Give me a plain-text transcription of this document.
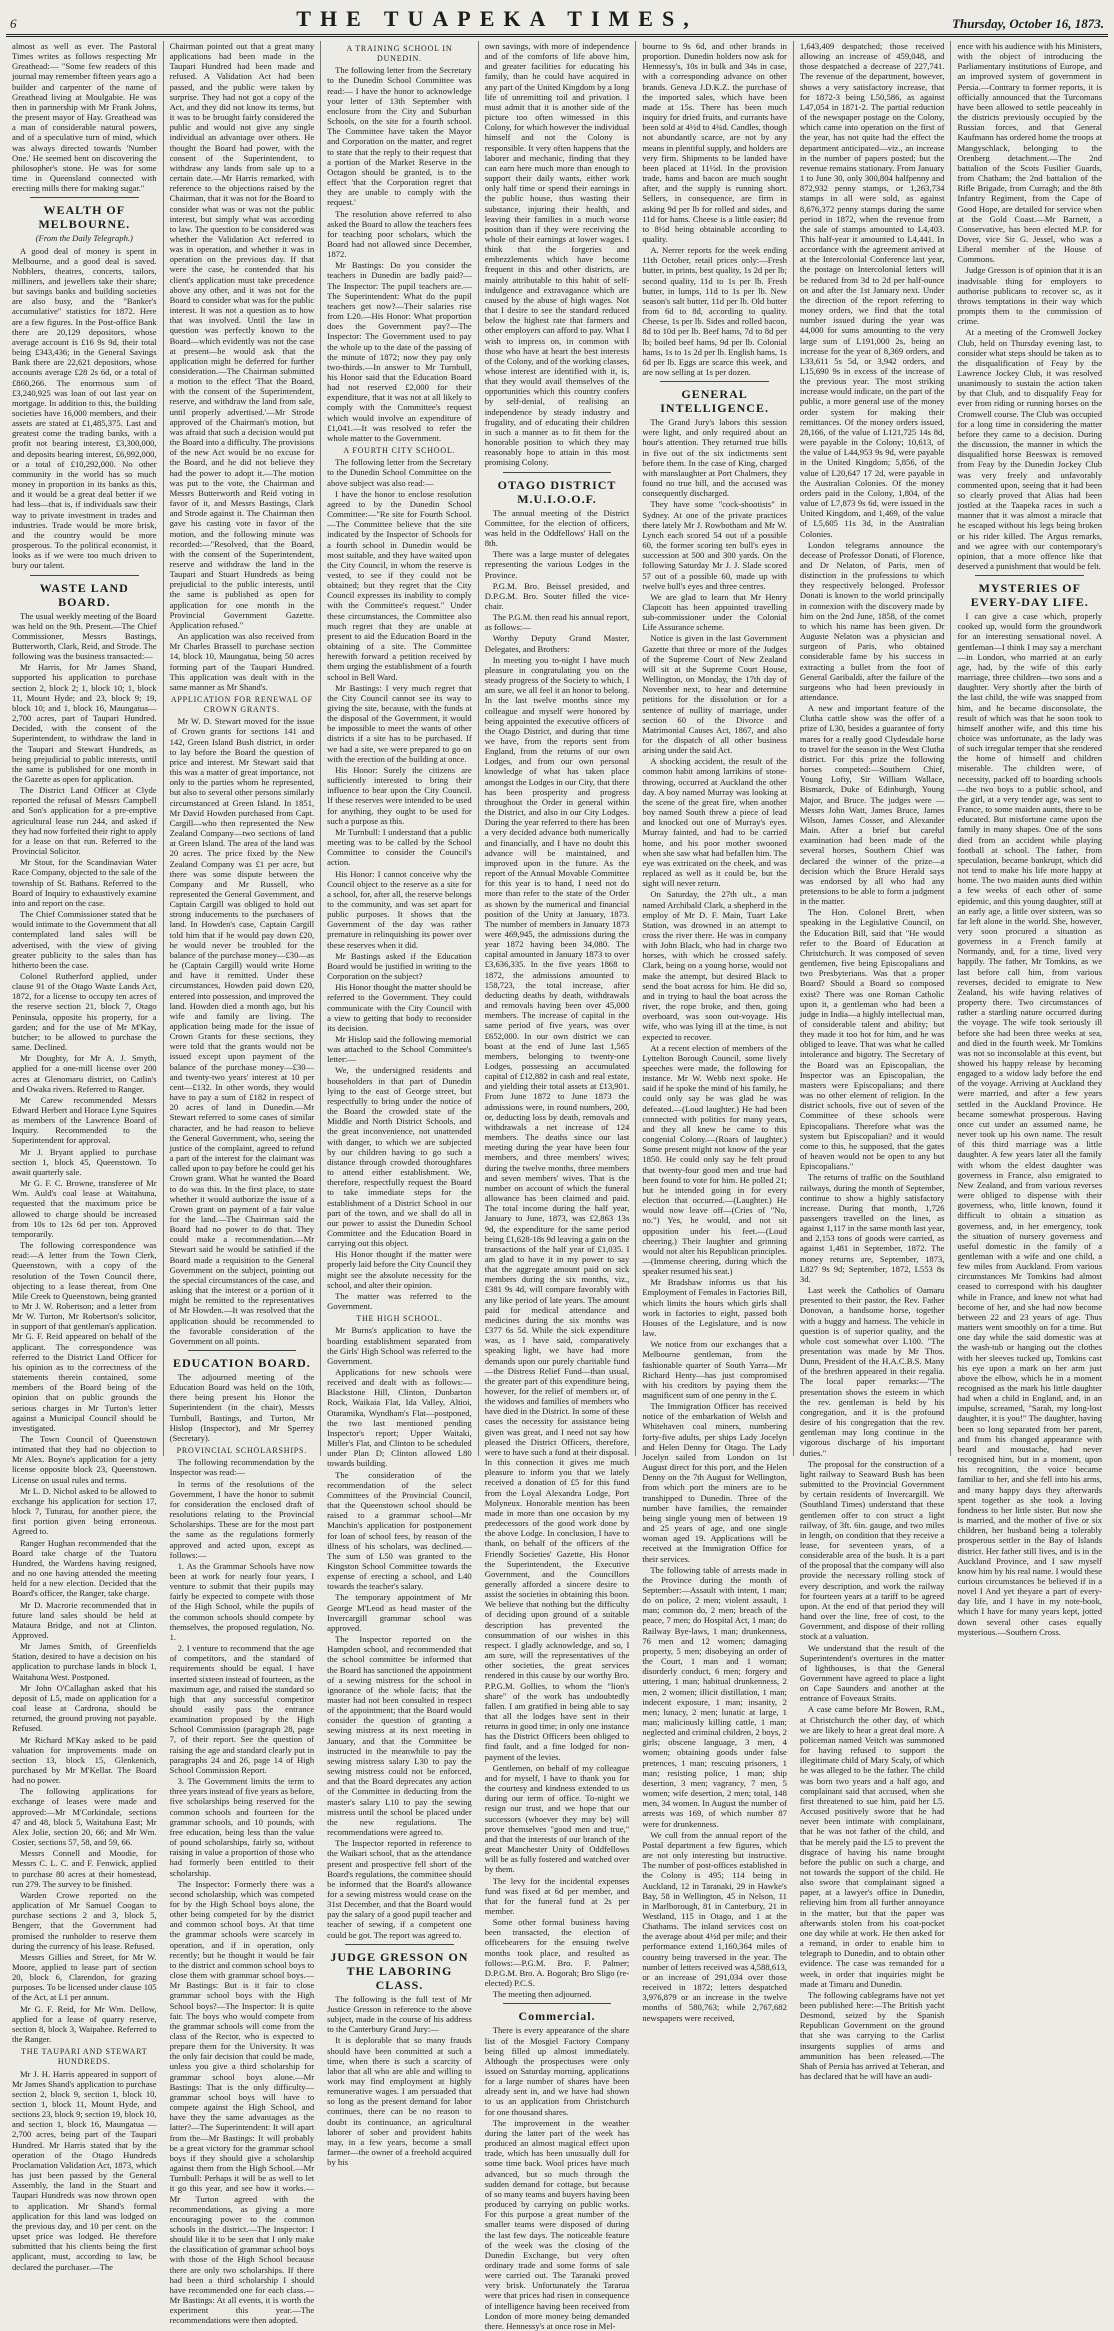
6	THE TUAPEKA TIMES,	Thursday, October 16, 1873.

almost as well as ever. The Pastoral Times writes as follows respecting Mr Greathead:— "Some few readers of this journal may remember fifteen years ago a builder and carpenter of the name of Greathead living at Moulgabie. He was then in partnership with Mr Frank Johns, the present mayor of Hay. Greathead was a man of considerable natural powers, and of a speculative turn of mind, which was always directed towards 'Number One.' He seemed bent on discovering the philosopher's stone. He was for some time in Queensland connected with erecting mills there for making sugar."

WEALTH OF MELBOURNE.
(From the Daily Telegraph.)

A good deal of money is spent in Melbourne, and a good deal is saved. Nobblers, theatres, concerts, tailors, milliners, and jewellers take their share; but savings banks and building societies are also busy, and the "Banker's accumulative" statistics for 1872. Here are a few figures. In the Post-office Bank there are 20,129 depositors, whose average account is £16 9s 9d, their total being £343,436; in the General Savings Bank there are 22,621 depositors, whose accounts average £28 2s 6d, or a total of £860,266. The enormous sum of £3,240,925 was loan of out last year on mortgage. In addition to this, the building societies have 16,000 members, and their assets are stated at £1,485,375. Last and greatest come the trading banks, with a profit not bearing interest, £3,300,000, and deposits bearing interest, £6,992,000, or a total of £10,292,000. No other community in the world has so much money in proportion in its banks as this, and it would be a great deal better if we had less—that is, if individuals saw their way to private investment in trades and industries. Trade would be more brisk, and the country would be more prosperous. To the political economist, it looks as if we were too much driven to bury our talent.

WASTE LAND BOARD.

The usual weekly meeting of the Board was held on the 9th. Present.—The Chief Commissioner, Messrs Bastings, Butterworth, Clark, Reid, and Strode. The following was the business transacted:—

Mr Harris, for Mr James Shand, supported his application to purchase section 2, block 2; 1, block 10; 1, block 11, Mount Hyde; and 23, block 9; 19, block 10; and 1, block 16, Maungatua—2,700 acres, part of Taupari Hundred. Decided, with the consent of the Superintendent, to withdraw the land in the Taupari and Stewart Hundreds, as being prejudicial to public interests, until the same is published for one month in the Gazette as open for application.

The District Land Officer at Clyde reported the refusal of Messrs Campbell and Son's application for a pre-emptive agricultural lease run 244, and asked if they had now forfeited their right to apply for a lease on that run. Referred to the Provincial Solicitor.

Mr Stout, for the Scandinavian Water Race Company, objected to the sale of the township of St. Bathans. Referred to the Board of Inquiry to exhaustively examine into and report on the case.

The Chief Commissioner stated that he would intimate to the Government that all contemplated land sales will be advertised, with the view of giving greater publicity to the sales than has hitherto been the case.

Colonel Rutherford applied, under clause 91 of the Otago Waste Lands Act, 1872, for a license to occupy ten acres of the reserve section 21, block 7, Otago Peninsula, opposite his property, for a garden; and for the use of Mr M'Kay, butcher; to be allowed to purchase the same. Declined.

Mr Doughty, for Mr A. J. Smyth, applied for a one-mill license over 200 acres at Glenomaru district, on Catlin's and Owaka rivers. Referred to Ranger.

Mr Carew recommended Messrs Edward Herbert and Horace Lyne Squires as members of the Lawrence Board of Inquiry. Recommended to the Superintendent for approval.

Mr J. Bryant applied to purchase section 1, block 45, Queenstown. To await quarterly sale.

Mr G. F. C. Browne, transferee of Mr Wm. Auld's coal lease at Waitahuna, requested that the maximum price be allowed to charge should be increased from 10s to 12s 6d per ton. Approved temporarily.

The following correspondence was read:—A letter from the Town Clerk, Queenstown, with a copy of the resolution of the Town Council there, objecting to a lease thereat, from One Mile Creek to Queenstown, being granted to Mr J. W. Robertson; and a letter from Mr W. Turton, Mr Robertson's solicitor, in support of that gentleman's application. Mr G. F. Reid appeared on behalf of the applicant. The correspondence was referred to the District Land Officer for his opinion as to the correctness of the statements therein contained, some members of the Board being of the opinion that on public grounds the serious charges in Mr Turton's letter against a Municipal Council should be investigated.

The Town Council of Queenstown intimated that they had no objection to Mr Alex. Boyne's application for a jetty license opposite block 23, Queenstown. License on usual rules and terms.

Mr L. D. Nichol asked to be allowed to exchange his application for section 17, block 7, Tuturau, for another piece, the first portion given being erroneous. Agreed to.

Ranger Hughan recommended that the Board take charge of the Tuatoru Hundred, the Wardens having resigned, and no one having attended the meeting held for a new election. Decided that the Board's officer, the Ranger, take charge.

Mr D. Macrorie recommended that in future land sales should be held at Mataura Bridge, and not at Clinton. Approved.

Mr James Smith, of Greenfields Station, desired to have a decision on his application to purchase lands in block 1, Waitahuna West. Postponed.

Mr John O'Callaghan asked that his deposit of L5, made on application for a coal lease at Cardrona, should be returned, the ground proving not payable. Refused.

Mr Richard M'Kay asked to be paid valuation for improvements made on section 13, block 15, Glenkenich, purchased by Mr M'Kellar. The Board had no power.

The following applications for exchange of leases were made and approved:—Mr M'Corkindale, sections 47 and 48, block 5, Waitahuna East; Mr Alex Jolie, section 20, 66; and Mr Wm. Cosier, sections 57, 58, and 59, 66.

Messrs Connell and Moodie, for Messrs C. L. C. and F. Fenwick, applied to purchase 80 acres at their homestead, run 279. The survey to be finished.

Warden Crowe reported on the application of Mr Samuel Coogan to purchase sections 2 and 3, block 5, Bengerr, that the Government had promised the runholder to reserve them during the currency of his lease. Refused.

Messrs Gillies and Street, for Mr W. Moore, applied to lease part of section 20, block 6, Clarendon, for grazing purposes. To be licensed under clause 105 of the Act, at L1 per annum.

Mr G. F. Reid, for Mr Wm. Dellow, applied for a lease of quarry reserve, section 8, block 3, Waipahee. Referred to the Ranger.

THE TAUPARI AND STEWART HUNDREDS.

Mr J. H. Harris appeared in support of Mr James Shand's application to purchase section 2, block 9, section 1, block 10, section 1, block 11, Mount Hyde, and sections 23, block 9; section 19, block 10, and section 1, block 16, Maungatua — 2,700 acres, being part of the Taupari Hundred. Mr Harris stated that by the operation of the Otago Hundreds Proclamation Validation Act, 1873, which has just been passed by the General Assembly, the land in the Stuart and Taupari Hundreds was now thrown open to application. Mr Shand's formal application for this land was lodged on the previous day, and 10 per cent. on the upset price was lodged. He therefore submitted that his clients being the first applicant, must, according to law, be declared the purchaser.—The

Chairman pointed out that a great many applications had been made in the Taupari Hundred had been made and refused. A Validation Act had been passed, and the public were taken by surprise. They had not got a copy of the Act, and they did not know its terms, but it was to be brought fairly considered the public and would not give any single individual an advantage over others. He thought the Board had power, with the consent of the Superintendent, to withdraw any lands from sale up to a certain date.—Mr Harris remarked, with reference to the objections raised by the Chairman, that it was not for the Board to consider what was or was not the public interest, but simply what was according to law. The question to be considered was whether the Validation Act referred to was in operation, and whether it was in operation on the previous day. If that were the case, he contended that his client's application must take precedence above any other, and it was not for the Board to consider what was for the public interest. It was not a question as to how that was involved. Until the law in question was perfectly known to the Board—which evidently was not the case at present—he would ask that the application might be deferred for further consideration.—The Chairman submitted a motion to the effect 'That the Board, with the consent of the Superintendent, reserve, and withdraw the land from sale, until properly advertised.'—Mr Strode approved of the Chairman's motion, but was afraid that such a decision would put the Board into a difficulty. The provisions of the new Act would be no excuse for the Board, and he did not believe they had the power to adopt it.—The motion was put to the vote, the Chairman and Messrs Butterworth and Reid voting in favor of it, and Messrs Bastings, Clark and Strode against it. The Chairman then gave his casting vote in favor of the motion, and the following minute was recorded:—"Resolved, that the Board, with the consent of the Superintendent, reserve and withdraw the land in the Taupari and Stuart Hundreds as being prejudicial to the public interests, until the same is published as open for application for one month in the Provincial Government Gazette. Application refused."

An application was also received from Mr Charles Brassell to purchase section 14, block 10, Maungatua, being 50 acres forming part of the Taupari Hundred. This application was dealt with in the same manner as Mr Shand's.

APPLICATION FOR RENEWAL OF CROWN GRANTS.

Mr W. D. Stewart moved for the issue of Crown grants for sections 141 and 142, Green Island Bush district, in order to lay before the Board the question of price and interest. Mr Stewart said that this was a matter of great importance, not only to the parties whom he represented, but also to several other persons similarly circumstanced at Green Island. In 1851, Mr David Howden purchased from Capt. Cargill—who then represented the New Zealand Company—two sections of land at Green Island. The area of the land was 20 acres. The price fixed by the New Zealand Company was £1 per acre, but there was some dispute between the Company and Mr Russell, who represented the General Government, and Captain Cargill was obliged to hold out strong inducements to the purchasers of land. In Howden's case, Captain Cargill told him that if he would pay down £20, he would never be troubled for the balance of the purchase money—£30—as he (Captain Cargill) would write Home and have it remitted. Under these circumstances, Howden paid down £20, entered into possession, and improved the land. Howden died a month ago, but his wife and family are living. The application being made for the issue of Crown Grants for these sections, they were told that the grants would not be issued except upon payment of the balance of the purchase money—£30—and twenty-two years' interest at 10 per cent—£132. In other words, they would have to pay a sum of £182 in respect of 20 acres of land in Dunedin.—Mr Stewart referred to some cases of similar character, and he had reason to believe the General Government, who, seeing the justice of the complaint, agreed to refund a part of the interest for the claimant was called upon to pay before he could get his Crown grant. What he wanted the Board to do was this. In the first place, to state whether it would authorize the issue of a Crown grant on payment of a fair value for the land.—The Chairman said the Board had no power to do that. They could make a recommendation.—Mr Stewart said he would be satisfied if the Board made a requisition to the General Government on the subject, pointing out the special circumstances of the case, and asking that the interest or a portion of it might be remitted to the representatives of Mr Howden.—It was resolved that the application should be recommended to the favorable consideration of the Government on all points.

EDUCATION BOARD.

The adjourned meeting of the Education Board was held on the 10th, there being present his Honor the Superintendent (in the chair), Messrs Turnbull, Bastings, and Turton, Mr Hislop (Inspector), and Mr Sperrey (Secretary).

PROVINCIAL SCHOLARSHIPS.

The following recommendation by the Inspector was read:—

In terms of the resolutions of the Government, I have the honor to submit for consideration the enclosed draft of resolutions relating to the Provincial Scholarships. These are for the most part the same as the regulations formerly approved and acted upon, except as follows:—

1. As the Grammar Schools have now been at work for nearly four years, I venture to submit that their pupils may fairly be expected to compete with those of the High School, while the pupils of the common schools should compete by themselves, the proposed regulation, No. 1.

2. I venture to recommend that the age of competitors, and the standard of requirements should be equal. I have inserted sixteen instead of fourteen, as the maximum age, and raised the standard so high that any successful competitor should easily pass the entrance examination proposed by the High School Commission (paragraph 28, page 7, of their report. See the question of raising the age and standard clearly put in paragraphs 24 and 26, page 14 of High School Commission Report.

3. The Government limits the term to three years instead of five years as before, five scholarships being reserved for the common schools and fourteen for the grammar schools, and 10 pounds, with free education, being less than the value of pound scholarships, fairly so, without raising in value a proportion of those who had formerly been entitled to their scholarship.

The Inspector: Formerly there was a second scholarship, which was competed for by the High School boys alone, the other being competed for by the district and common school boys. At that time the grammar schools were scarcely in operation, and if in operation, only recently; but he thought it would be fair to the district and common school boys to close them with grammar school boys.—Mr Bastings: But is it fair to close grammar school boys with the High School boys?—The Inspector: It is quite fair. The boys who would compete from the grammar schools will come from the class of the Rector, who is expected to prepare them for the University. It was the only fair decision that could be made, unless you give a third scholarship for grammar school boys alone.—Mr Bastings: That is the only difficulty—grammar school boys will have to compete against the High School, and have they the same advantages as the latter?—The Superintendent: It will apart from the—Mr Bastings: It will probably be a great victory for the grammar school boys if they should give a scholarship against them from the High School.—Mr Turnbull: Perhaps it will be as well to let it go this year, and see how it works.—Mr Turton agreed with the recommendations, as giving a more encouraging power to the common schools in the district.—The Inspector: I should like it to be seen that I only make the classification of grammar school boys with those of the High School because there are only two scholarships. If there had been a third scholarship I should have recommended one for each class.—Mr Bastings: At all events, it is worth the experiment this year.—The recommendations were then adopted.

A TRAINING SCHOOL IN DUNEDIN.

The following letter from the Secretary to the Dunedin School Committee was read:— I have the honor to acknowledge your letter of 13th September with enclosure from the City and Suburban Schools, on the site for a fourth school. The Committee have taken the Mayor and Corporation on the matter, and regret to state that the reply to their request that a portion of the Market Reserve in the Octagon should be granted, is to the effect 'that the Corporation regret that they are unable to comply with the request.'

The resolution above referred to also asked the Board to allow the teachers fees for teaching poor scholars, which the Board had not allowed since December, 1872.

Mr Bastings: Do you consider the teachers in Dunedin are badly paid?—The Inspector: The pupil teachers are.—The Superintendent: What do the pupil teachers get now?—Their salaries rise from L20.—His Honor: What proportion does the Government pay?—The Inspector: The Government used to pay the whole up to the date of the passing of the minute of 1872; now they pay only two-thirds.—In answer to Mr Turnbull, his Honor said that the Education Board had not reserved £2,000 for their expenditure, that it was not at all likely to comply with the Committee's request which would involve an expenditure of £1,041.—It was resolved to refer the whole matter to the Government.

A FOURTH CITY SCHOOL.

The following letter from the Secretary to the Dunedin School Committee on the above subject was also read:—

I have the honor to enclose resolution agreed to by the Dunedin School Committee:—"Re site for Fourth School.—The Committee believe that the site indicated by the Inspector of Schools for a fourth school in Dunedin would be most suitable, and they have waited upon the City Council, in whom the reserve is vested, to see if they could not be obtained; but they regret that the City Council expresses its inability to comply with the Committee's request." Under these circumstances, the Committee also much regret that they are unable at present to aid the Education Board in the obtaining of a site. The Committee herewith forward a petition received by them urging the establishment of a fourth school in Bell Ward.

Mr Bastings: I very much regret that the City Council cannot see its way to giving the site, because, with the funds at the disposal of the Government, it would be impossible to meet the wants of other districts if a site has to be purchased. If we had a site, we were prepared to go on with the erection of the building at once.

His Honor: Surely the citizens are sufficiently interested to bring their influence to bear upon the City Council. If these reserves were intended to be used for anything, they ought to be used for such a purpose as this.

Mr Turnbull: I understand that a public meeting was to be called by the School Committee to consider the Council's action.

His Honor: I cannot conceive why the Council object to the reserve as a site for a school, for, after all, the reserve belongs to the community, and was set apart for public purposes. It shows that the Government of the day was rather premature in relinquishing its power over these reserves when it did.

Mr Bastings asked if the Education Board would be justified in writing to the Corporation on the subject?

His Honor thought the matter should be referred to the Government. They could communicate with the City Council with a view to getting that body to reconsider its decision.

Mr Hislop said the following memorial was attached to the School Committee's letter:—

We, the undersigned residents and householders in that part of Dunedin lying to the east of George street, but respectfully to bring under the notice of the Board the crowded state of the Middle and North District Schools, and the great inconvenience, not unattended with danger, to which we are subjected by our children having to go such a distance through crowded thoroughfares to attend either establishment. We, therefore, respectfully request the Board to take immediate steps for the establishment of a District School in our part of the town, and we shall do all in our power to assist the Dunedin School Committee and the Education Board in carrying out this object.

His Honor thought if the matter were properly laid before the City Council they might see the absolute necessity for the school, and alter their opinion.

The matter was referred to the Government.

THE HIGH SCHOOL.

Mr Burns's application to have the boarding establishment separated from the Girls' High School was referred to the Government.

Applications for new schools were received and dealt with as follows:—Blackstone Hill, Clinton, Dunbarton Rock, Waikaia Flat, Ida Valley, Altioi, Otaramika, Wyndham's Flat—postponed, the two last mentioned pending Inspector's report; Upper Waitaki, Miller's Flat, and Clinton to be scheduled under Plan D; Clinton allowed L80 towards building.

The consideration of the recommendation of the select Committees of the Provincial Council, that the Queenstown school should be raised to a grammar school—Mr Manchin's application for postponement for loan of school fees, by reason of the illness of his scholars, was declined.—The sum of L50 was granted to the Kingston School Committee towards the expense of erecting a school, and L40 towards the teacher's salary.

The temporary appointment of Mr George M'Leod as head master of the Invercargill grammar school was approved.

The Inspector reported on the Hampden school, and recommended that the school committee be informed that the Board has sanctioned the appointment of a sewing mistress for the school in ignorance of the whole facts; that the master had not been consulted in respect of the appointment; that the Board would consider the question of granting a sewing mistress at its next meeting in January, and that the Committee be instructed in the meanwhile to pay the sewing mistress salary L30 to pay the sewing mistress could not be enforced, and that the Board deprecates any action of the Committee in deducting from the master's salary L10 to pay the sewing mistress until the school be placed under the new regulations. The recommendations were agreed to.

The Inspector reported in reference to the Waikari school, that as the attendance present and prospective fell short of the Board's regulations, the committee should be informed that the Board's allowance for a sewing mistress would cease on the 31st December, and that the Board would pay the salary of a good pupil teacher and teacher of sewing, if a competent one could be got. The report was agreed to.

JUDGE GRESSON ON THE LABORING CLASS.

The following is the full text of Mr Justice Gresson in reference to the above subject, made in the course of his address to the Canterbury Grand Jury:—

It is deplorable that so many frauds should have been committed at such a time, when there is such a scarcity of labor that all who are able and willing to work may find employment at highly remunerative wages. I am persuaded that so long as the present demand for labor continues, there can be no reason to doubt its continuance, an agricultural laborer of sober and provident habits may, in a few years, become a small farmer—the owner of a freehold acquired by his

own savings, with more of independence and of the comforts of life above him, and greater facilities for educating his family, than he could have acquired in any part of the United Kingdom by a long life of unremitting toil and privation. I must admit that it is another side of the picture too often witnessed in this Colony, for which however the individual himself and not the Colony is responsible. It very often happens that the laborer and mechanic, finding that they can earn here much more than enough to support their daily wants, either work only half time or spend their earnings in the public house, thus wasting their substance, injuring their health, and leaving their families in a much worse position than if they were receiving the whole of their earnings at lower wages. I think that the forgeries and embezzlements which have become frequent in this and other districts, are mainly attributable to this habit of self-indulgence and extravagance which are caused by the abuse of high wages. Not that I desire to see the standard reduced below the highest rate that farmers and other employers can afford to pay. What I wish to impress on, in common with those who have at heart the best interests of the Colony, and of the working classes, whose interest are identified with it, is, that they would avail themselves of the opportunities which this country confers by self-denial, of realising an independence by steady industry and frugality, and of educating their children in such a manner as to fit them for the honorable position to which they may reasonably hope to attain in this most promising Colony.

OTAGO DISTRICT M.U.I.O.O.F.

The annual meeting of the District Committee, for the election of officers, was held in the Oddfellows' Hall on the 8th.

There was a large muster of delegates representing the various Lodges in the Province.

P.G.M. Bro. Beissel presided, and D.P.G.M. Bro. Souter filled the vice-chair.

The P.G.M. then read his annual report, as follows:—

Worthy Deputy Grand Master, Delegates, and Brothers:

In meeting you to-night I have much pleasure in congratulating you on the steady progress of the Society to which, I am sure, we all feel it an honor to belong. In the last twelve months since my colleague and myself were honored by being appointed the executive officers of the Otago District, and during that time we have, from the reports sent from England, from the returns of our own Lodges, and from our own personal knowledge of what has taken place amongst the Lodges in our City, that there has been prosperity and progress throughout the Order in general within the District, and also in our City Lodges. During the year referred to there has been a very decided advance both numerically and financially, and I have no doubt this advance will be maintained, and improved upon in the future. As the report of the Annual Movable Committee for this year is to hand, I need not do more than refer to the state of the Order as shown by the numerical and financial position of the Unity at January, 1873. The number of members in January 1873 were 469,945, the admissions during the year 1872 having been 34,080. The capital amounted in January 1873 to over £3,636,335. In the five years 1868 to 1872, the admissions amounted to 158,723, the total increase, after deducting deaths by death, withdrawals and removals having been over 45,000 members. The increase of capital in the same period of five years, was over £652,000. In our own district we can boast at the end of June last 1,565 members, belonging to twenty-one Lodges, possessing an accumulated capital of £12,882 in cash and real estate, and yielding their total assets at £13,901. From June 1872 to June 1873 the admissions were, in round numbers, 200, or, deducting loss by death, removals and withdrawals a net increase of 124 members. The deaths since our last meeting during the year have been four members, and three members' wives; during the twelve months, three members and seven members' wives. That is the number on account of which the funeral allowance has been claimed and paid. The total income during the half year, January to June, 1873, was £2,863 13s 9d, the expenditure for the same period being £1,628-18s 9d leaving a gain on the transactions of the half year of £1,035. I am glad to have it in my power to say that the aggregate amount paid on sick members during the six months, viz., £381 9s 4d, will compare favorably with any like period of late years. The amount paid for medical attendance and medicines during the six months was £377 6s 5d. While the sick expenditure was, as I have said, comparatively speaking light, we have had more demands upon our purely charitable fund—the Distress Relief Fund—than usual, the greater part of this expenditure being, however, for the relief of members or, of the widows and families of members who have died in the District. In some of these cases the necessity for assistance being given was great, and I need not say how pleased the District Officers, therefore, were to have such a fund at their disposal. In this connection it gives me much pleasure to inform you that we lately received a donation of £5 for this fund from the Loyal Alexandra Lodge, Port Molyneux. Honorable mention has been made in more than one occasion by my predecessors of the good work done by the above Lodge. In conclusion, I have to thank, on behalf of the officers of the Friendly Societies' Gazette, His Honor the Superintendent, the Executive Government, and the Councillors generally afforded a sincere desire to assist the societies in obtaining this boon. We believe that nothing but the difficulty of deciding upon ground of a suitable description has prevented the consummation of our wishes in this respect. I gladly acknowledge, and so, I am sure, will the representatives of the other societies, the great services rendered in this cause by our worthy Bro. P.P.G.M. Gollies, to whom the "lion's share" of the work has undoubtedly fallen. I am gratified in being able to say that all the lodges have sent in their returns in good time; in only one instance has the District Officers been obliged to find fault, and a fine lodged for non-payment of the levies.

Gentlemen, on behalf of my colleague and for myself, I have to thank you for the courtesy and kindness extended to us during our term of office. To-night we resign our trust, and we hope that our successors (whoever they may be) will prove themselves "good men and true," and that the interests of our branch of the great Manchester Unity of Oddfellows will be as fully fostered and watched over by them.

The levy for the incidental expenses fund was fixed at 6d per member, and that for the funeral fund at 2s per member.

Some other formal business having been transacted, the election of officebearers for the ensuing twelve months took place, and resulted as follows:—P.G.M. Bro. F. Palmer; D.P.G.M. Bro. A. Bogorah; Bro Sligo (re-elected) P.C.S.

The meeting then adjourned.

Commercial.

There is every appearance of the share list of the Mosgiel Factory Company being filled up almost immediately. Although the prospectuses were only issued on Saturday morning, applications for a large number of shares have been already sent in, and we have had shown to us an application from Christchurch for one thousand shares.

The improvement in the weather during the latter part of the week has produced an almost magical effect upon trade, which has been unusually dull for some time back. Wool prices have much advanced, but so much through the sudden demand for cottage, but because of so many teams and buyers having been produced by carrying on public works. For this purpose a great number of the smaller teams were disposed of during the last few days. The noticeable feature of the week was the closing of the Dunedin Exchange, but very often ordinary trade and some forms of sale were carried out. The Taranaki proved very brisk. Unfortunately the Tararua were that prices had risen in consequence of intelligence having been received from London of more money being demanded there. Hennessy's at once rose in Mel-

bourne to 9s 6d, and other brands in proportion. Dunedin holders now ask for Hennessy's, 10s in bulk and 34s in case, with a corresponding advance on other brands. Geneva J.D.K.Z. the purchase of the imported sales, which have been made at 15s. There has been much inquiry for dried fruits, and currants have been sold at 4½d to 4¾d. Candles, though not abundantly scarce, are not by any means in plentiful supply, and holders are very firm. Shipments to be landed have been placed at 11½d. In the provision trade, hams and bacon are much sought after, and the supply is running short. Sellers, in consequence, are firm in asking 9d per lb for rolled and sides, and 11d for hams. Cheese is a little easier; 8d to 8½d being obtainable according to quality.

A. Nerrer reports for the week ending 11th October, retail prices only:—Fresh butter, in prints, best quality, 1s 2d per lb; second quality, 11d to 1s per lb. Fresh butter, in lumps, 11d to 1s per lb. New season's salt butter, 11d per lb. Old butter from 6d to 8d, according to quality. Cheese, 1s per lb. Sides and rolled bacon, 8d to 10d per lb. Beef hams, 7d to 8d per lb; boiled beef hams, 9d per lb. Colonial hams, 1s to 1s 2d per lb. English hams, 1s 6d per lb. Eggs are scarce this week, and are now selling at 1s per dozen.

GENERAL INTELLIGENCE.

The Grand Jury's labors this session were light, and only required about an hour's attention. They returned true bills in five out of the six indictments sent before them. In the case of King, charged with manslaughter at Port Chalmers, they found no true bill, and the accused was consequently discharged.

They have some "cock-shootists" in Sydney. At one of the private practices there lately Mr J. Rowbotham and Mr W. Lynch each scored 54 out of a possible 60, the former scoring ten bull's eyes in succession at 500 and 300 yards. On the following Saturday Mr J. J. Slade scored 57 out of a possible 60, made up with twelve bull's eyes and three centres.

We are glad to learn that Mr Henry Clapcott has been appointed travelling sub-commissioner under the Colonial Life Assurance scheme.

Notice is given in the last Government Gazette that three or more of the Judges of the Supreme Court of New Zealand will sit at the Supreme Court House, Wellington, on Monday, the 17th day of November next, to hear and determine petitions for the dissolution or for a sentence of nullity of marriage, under section 60 of the Divorce and Matrimonial Causes Act, 1867, and also for the dispatch of all other business arising under the said Act.

A shocking accident, the result of the common habit among larrikins of stone-throwing, occurred at Auckland the other day. A boy named Murray was looking at the scene of the great fire, when another boy named South threw a piece of lead and knocked out one of Murray's eyes. Murray fainted, and had to be carried home, and his poor mother swooned when she saw what had befallen him. The eye was extricated on the cheek, and was replaced as well as it could be, but the sight will never return.

On Saturday, the 27th ult., a man named Archibald Clark, a shepherd in the employ of Mr D. F. Main, Tuart Lake Station, was drowned in an attempt to cross the river there. He was in company with John Black, who had in charge two horses, with which he crossed safely. Clark, being on a young horse, would not make the attempt, but desired Black to send the boat across for him. He did so, and in trying to haul the boat across the river, the rope broke, and then, going overboard, was soon out-voyage. His wife, who was lying ill at the time, is not expected to recover.

At a recent election of members of the Lyttelton Borough Council, some lively speeches were made, the following for instance. Mr W. Webb next spoke. He said if he spoke the mind of his family, he could only say he was glad he was defeated.—(Loud laughter.) He had been connected with politics for many years, and they all knew he came to this congenial Colony.—(Roars of laughter.) Some present might not know of the year 1850. He could only say he felt proud that twenty-four good men and true had been found to vote for him. He polled 21; but he intended going in for every election that occurred.—(Laughter.) He would now leave off—(Cries of "No, no.") Yes, he would, and not sit opposition under his feet.—(Loud cheering.) Their laughter and grinning would not alter his Republican principles.—(Immense cheering, during which the speaker resumed his seat.)

Mr Bradshaw informs us that his Employment of Females in Factories Bill, which limits the hours which girls shall work in factories to eight, passed both Houses of the Legislature, and is now law.

We notice from our exchanges that a Melbourne gentleman, from the fashionable quarter of South Yarra—Mr Richard Henty—has just compromised with his creditors by paying them the magnificent sum of one penny in the £.

The Immigration Officer has received notice of the embarkation of Welsh and Whitehaven coal miners, numbering forty-five adults, per ships Lady Jocelyn and Helen Denny for Otago. The Lady Jocelyn sailed from London on 1st August direct for this port, and the Helen Denny on the 7th August for Wellington, from which port the miners are to be transhipped to Dunedin. Three of the number have families, the remainder being single young men of between 19 and 25 years of age, and one single woman aged 19. Applications will be received at the Immigration Office for their services.

The following table of arrests made in the Province during the month of September:—Assault with intent, 1 man; do on police, 2 men; violent assault, 1 man; common do, 2 men; breach of the peace, 7 men; do Hospital Act, 1 man; do Railway Bye-laws, 1 man; drunkenness, 76 men and 12 women; damaging property, 5 men; disobeying an order of the Court, 1 man and 1 woman; disorderly conduct, 6 men; forgery and uttering, 1 man; habitual drunkenness, 2 men, 2 women; illicit distillation, 1 man; indecent exposure, 1 man; insanity, 2 men; lunacy, 2 men; lunatic at large, 1 man; maliciously killing cattle, 1 man; neglected and criminal children, 2 boys, 2 girls; obscene language, 3 men, 4 women; obtaining goods under false pretences, 1 man; rescuing prisoners, 1 man; resisting police, 1 man; ship desertion, 3 men; vagrancy, 7 men, 5 women; wife desertion, 2 men; total, 148 men, 34 women. In August the number of arrests was 169, of which number 87 were for drunkenness.

We cull from the annual report of the Postal department a few figures, which are not only interesting but instructive. The number of post-offices established in the Colony is 495; 114 being in Auckland, 12 in Taranaki, 29 in Hawke's Bay, 58 in Wellington, 45 in Nelson, 11 in Marlborough, 81 in Canterbury, 21 in Westland, 115 in Otago, and 1 at the Chathams. The inland services cost on the average about 4½d per mile; and their performance extend 1,160,364 miles of country being traversed in the year. The number of letters received was 4,588,613, or an increase of 291,034 over those received in 1872; letters despatched 3,976,879 or an increase in the twelve months of 580,763; while 2,767,682 newspapers were received,

1,643,409 despatched; those received allowing an increase of 459,048, and those despatched a decrease of 227,741. The revenue of the department, however, shows a very satisfactory increase, that for 1872-3 being L50,586, as against L47,054 in 1871-2. The partial reduction of the newspaper postage on the Colony, which came into operation on the first of the year, has not quite had the effect the department anticipated—viz., an increase in the number of papers posted; but the revenue remains stationary. From January 1 to June 30, only 300,804 halfpenny and 872,932 penny stamps, or 1,263,734 stamps in all were sold, as against 8,676,372 penny stamps during the same period in 1872, when the revenue from the sale of stamps amounted to L4,403. This half-year it amounted to L4,441. In accordance with the agreement arrived at at the Intercolonial Conference last year, the postage on Intercolonial letters will be reduced from 3d to 2d per half-ounce on and after the 1st January next. Under the direction of the report referring to money orders, we find that the total number issued during the year was 44,000 for sums amounting to the very large sum of L191,000 2s, being an increase for the year of 8,369 orders, and L33,611 5s 5d, or 3,942 orders, and L15,690 9s in excess of the increase of the previous year. The most striking increase would indicate, on the part of the public, a more general use of the money order system for making their remittances. Of the money orders issued, 28,166, of the value of L121,725 14s 8d, were payable in the Colony; 10,613, of the value of L44,953 9s 9d, were payable in the United Kingdom; 5,856, of the value of L20,647 17 2d, were payable in the Australian Colonies. Of the money orders paid in the Colony, 1,804, of the value of L7,873 9s 6d, were issued in the United Kingdom, and 1,469, of the value of L5,605 11s 3d, in the Australian Colonies.

London telegrams announce the decease of Professor Donati, of Florence, and Dr Nelaton, of Paris, men of distinction in the professions to which they respectively belonged. Professor Donati is known to the world principally in connexion with the discovery made by him on the 2nd June, 1858, of the comet to which his name has been given. Dr Auguste Nelaton was a physician and surgeon of Paris, who obtained considerable fame by his success in extracting a bullet from the foot of General Garibaldi, after the failure of the surgeons who had been previously in attendance.

A new and important feature of the Clutha cattle show was the offer of a prize of L30, besides a guarantee of forty mares for a really good Clydesdale horse to travel for the season in the West Clutha district. For this prize the following horses competed:—Southern Chief, Young Lofty, Sir William Wallace, Bismarck, Duke of Edinburgh, Young Major, and Bruce. The judges were —Messrs John Watt, James Bruce, James Wilson, James Cosser, and Alexander Main. After a brief but careful examination had been made of the several horses, Southern Chief was declared the winner of the prize—a decision which the Bruce Herald says was endorsed by all who had any pretensions to be able to form a judgment in the matter.

The Hon. Colonel Brett, when speaking in the Legislative Council, on the Education Bill, said that "He would refer to the Board of Education at Christchurch. It was composed of seven gentlemen, five being Episcopalians and two Presbyterians. Was that a proper Board? Should a Board so composed exist? There was one Roman Catholic upon it, a gentleman who had been a judge in India—a highly intellectual man, of considerable talent and ability; but they made it too hot for him, and he was obliged to leave. That was what he called intolerance and bigotry. The Secretary of the Board was an Episcopalian, the Inspector was an Episcopalian, the masters were Episcopalians; and there was no other element of religion. In the district schools, five out of seven of the Committee of these schools were Episcopalians. Therefore what was the system but Episcopalian? and it would come to this, he supposed, that the gates of heaven would not be open to any but Episcopalians."

The returns of traffic on the Southland railways, during the month of September, continue to show a highly satisfactory increase. During that month, 1,726 passengers travelled on the lines, as against 1,117 in the same month last year, and 2,153 tons of goods were carried, as against 1,481 in September, 1872. The money returns are, September, 1873, L827 9s 9d; September, 1872, L553 8s 3d.

Last week the Catholics of Oamaru presented to their pastor, the Rev. Father Donovan, a handsome horse, together with a buggy and harness. The vehicle in question is of superior quality, and the whole cost somewhat over L100. "The presentation was made by Mr Thos. Dunn, President of the H.A.C.B.S. Many of the brethren appeared in their regalia. The local paper remarks:—"The presentation shows the esteem in which the rev. gentleman is held by his congregation, and it is the profound desire of his congregation that the rev. gentleman may long continue in the vigorous discharge of his important duties."

The proposal for the construction of a light railway to Seaward Bush has been submitted to the Provincial Government by certain residents of Invercargill. We (Southland Times) understand that these gentlemen offer to con struct a light railway, of 3ft. 6in. gauge, and two miles in length, on condition that they receive a lease, for seventeen years, of a considerable area of the bush. It is a part of the proposal that the company will also provide the necessary rolling stock of every description, and work the railway for fourteen years at a tariff to be agreed upon. At the end of that period they will hand over the line, free of cost, to the Government, and dispose of their rolling stock at a valuation.

We understand that the result of the Superintendent's overtures in the matter of lighthouses, is that the General Government have agreed to place a light on Cape Saunders and another at the entrance of Foveaux Straits.

A case came before Mr Bowen, R.M., at Christchurch the other day, of which we are likely to hear a great deal more. A policeman named Veitch was summoned for having refused to support the illegitimate child of Mary Scaly, of which he was alleged to be the father. The child was born two years and a half ago, and complainant said that accused, when she first threatened to sue him, paid her L5. Accused positively swore that he had never been intimate with complainant, that he was not father of the child, and that he merely paid the L5 to prevent the disgrace of having his name brought before the public on such a charge, and not towards the support of the child. He also swore that complainant signed a paper, at a lawyer's office in Dunedin, relieving him from all further annoyance in the matter, but that the paper was afterwards stolen from his coat-pocket one day while at work. He then asked for a remand, in order to enable him to telegraph to Dunedin, and to obtain other evidence. The case was remanded for a week, in order that inquiries might be made at Timaru and Dunedin.

The following cablegrams have not yet been published here:—The British yacht Desmond, seized by the Spanish Republican Government on the ground that she was carrying to the Carlist insurgents supplies of arms and ammunition has been released.—The Shah of Persia has arrived at Teheran, and has declared that he will have an audi-

ence with his audience with his Ministers, with the object of introducing the Parliamentary institutions of Europe, and an improved system of government in Persia.—Contrary to former reports, it is officially announced that the Turcomans have been allowed to settle peaceably in the districts previously occupied by the Russian forces, and that General Kaufmann has ordered home the troops at Mangyschlack, belonging to the Orenberg detachment.—The 2nd battalion of the Scots Fusilier Guards, from Chatham; the 2nd battalion of the Rifle Brigade, from Curragh; and the 8th Infantry Regiment, from the Cape of Good Hope, are detailed for service when at the Gold Coast.—Mr Barnett, a Conservative, has been elected M.P. for Dover, vice Sir G. Jessel, who was a Liberal member of the House of Commons.

Judge Gresson is of opinion that it is an inadvisable thing for employers to authorise publicans to recover sc, as it throws temptations in their way which prompts them to the commission of crime.

At a meeting of the Cromwell Jockey Club, held on Thursday evening last, to consider what steps should be taken as to the disqualification of Feay by the Lawrence Jockey Club, it was resolved unanimously to sustain the action taken by that Club, and to disqualify Feay for ever from riding or running horses on the Cromwell course. The Club was occupied for a long time in considering the matter before they came to a decision. During the discussion, the manner in which the disqualified horse Beeswax is removed from Feay by the Dunedin Jockey Club was very freely and unfavorably commented upon, seeing that it had been so clearly proved that Alias had been jostled at the Taapeka races in such a manner that it was almost a miracle that he escaped without his legs being broken or his rider killed. The Argus remarks, and we agree with our contemporary's opinion, that a more offence like that deserved a punishment that would be felt.

MYSTERIES OF EVERY-DAY LIFE.

I can give a case which, properly cooked up, would form the groundwork for an interesting sensational novel. A gentleman—I think I may say a merchant—in London, who married at an early age, had, by the wife of this early marriage, three children—two sons and a daughter. Very shortly after the birth of the last child, the wife was snapped from him, and he became disconsolate, the result of which was that he soon took to himself another wife, and this time his choice was unfortunate, as the lady was of such irregular temper that she rendered the home of himself and children miserable. The children were, of necessity, packed off to boarding schools—the two boys to a public school, and the girl, at a very tender age, was sent to France, to some maiden aunts, there to be educated. But misfortune came upon the family in many shapes. One of the sons died from an accident while playing football at school. The father, from speculation, became bankrupt, which did not tend to make his life more happy at home. The two maiden aunts died within a few weeks of each other of some epidemic, and this young daughter, still at an early age, a little over sixteen, was so far left alone in the world. She, however, very soon procured a situation as governess in a French family at Normandy, and, for a time, lived very happily. The father, Mr Tomkins, as we last before call him, from various reverses, decided to emigrate to New Zealand, his wife having relatives of property there. Two circumstances of rather a startling nature occurred during the voyage. The wife took seriously ill before she had been three weeks at sea, and died in the fourth week. Mr Tomkins was not so inconsolable at this event, but showed his happy release by becoming engaged to a widow lady before the end of the voyage. Arriving at Auckland they were married, and after a few years settled in the Auckland Province. He became somewhat prosperous. Having once cut under an assumed name, he never took up his own name. The result of this third marriage was a little daughter. A few years later all the family with whom the eldest daughter was governess in France, also emigrated to New Zealand, and from various reverses were obliged to dispense with their governess, who, little known, found it difficult to obtain a situation as governess, and, in her emergency, took the situation of nursery governess and useful domestic in the family of a gentleman with a wife and one child, a few miles from Auckland. From various circumstances Mr Tomkins had almost ceased to correspond with his daughter while in France, and knew not what had become of her, and she had now become between 22 and 23 years of age. Thus matters went smoothly on for a time. But one day while the said domestic was at the wash-tub or hanging out the clothes with her sleeves tucked up, Tomkins cast his eye upon a mark on her arm just above the elbow, which he in a moment recognised as the mark his little daughter had when a child in England, and, in an impulse, screamed, "Sarah, my long-lost daughter, it is you!" The daughter, having been so long separated from her parent, and from his changed appearance with beard and moustache, had never recognised him, but in a moment, upon his recognition, the voice became familiar to her, and she fell into his arms, and many happy days they afterwards spent together as she took a loving fondness to her little sister. But now she is married, and the mother of five or six children, her husband being a tolerably prosperous settler in the Bay of Islands district. Her father still lives, and is in the Auckland Province, and I saw myself know him by his real name. I would these curious circumstances be believed if in a novel I And yet theyare a part of every-day life, and I have in my note-book, which I have for many years kept, jotted down several other cases equally mysterious.—Southern Cross.
